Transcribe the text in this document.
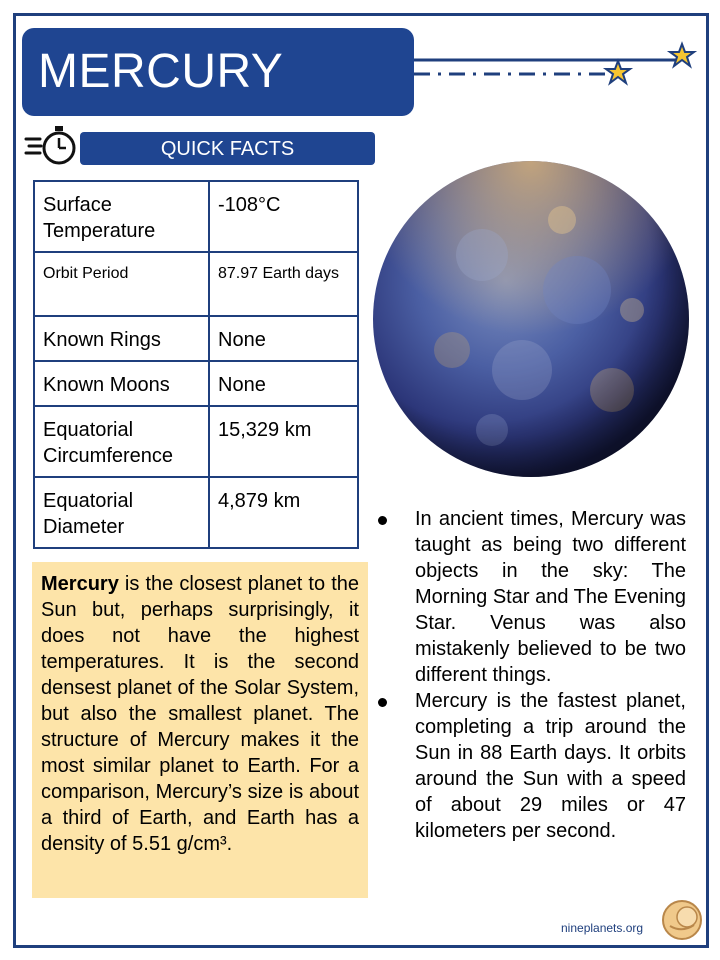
MERCURY
QUICK FACTS
Surface Temperature	-108°C
Orbit Period	87.97 Earth days
Known Rings	None
Known Moons	None
Equatorial Circumference	15,329 km
Equatorial Diameter	4,879 km
Mercury is the closest planet to the Sun but, perhaps surprisingly, it does not have the highest temperatures. It is the second densest planet of the Solar System, but also the smallest planet. The structure of Mercury makes it the most similar planet to Earth. For a comparison, Mercury’s size is about a third of Earth, and Earth has a density of 5.51 g/cm³.
In ancient times, Mercury was taught as being two different objects in the sky: The Morning Star and The Evening Star. Venus was also mistakenly believed to be two different things.
Mercury is the fastest planet, completing a trip around the Sun in 88 Earth days. It orbits around the Sun with a speed of about 29 miles or 47 kilometers per second.
nineplanets.org
